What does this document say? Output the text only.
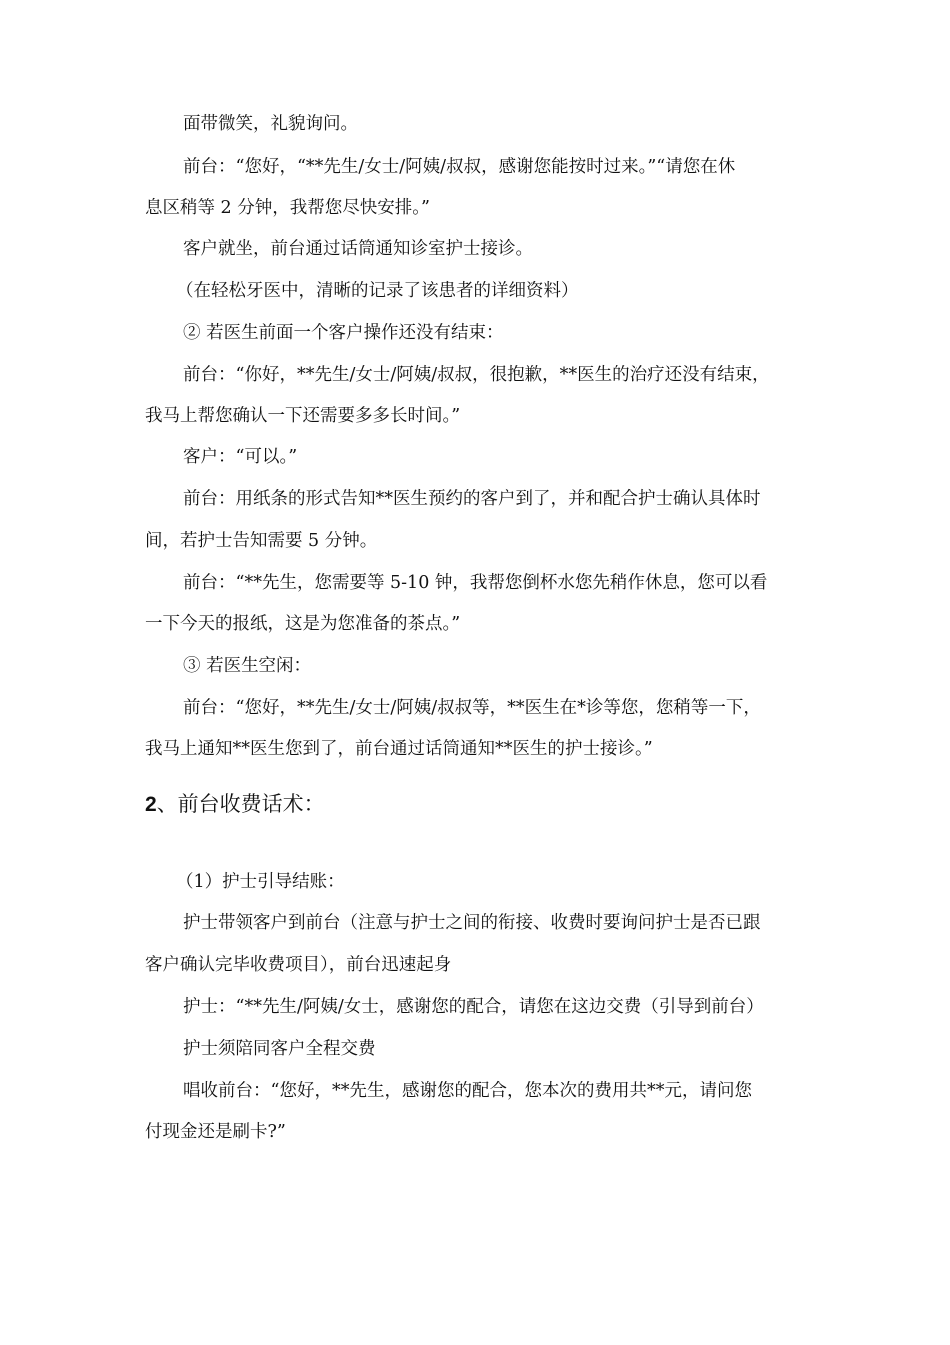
面带微笑，礼貌询问。
前台：“您好，“**先生/女士/阿姨/叔叔，感谢您能按时过来。”“请您在休
息区稍等 2 分钟，我帮您尽快安排。”
客户就坐，前台通过话筒通知诊室护士接诊。
（在轻松牙医中，清晰的记录了该患者的详细资料）
② 若医生前面一个客户操作还没有结束：
前台：“你好，**先生/女士/阿姨/叔叔，很抱歉，**医生的治疗还没有结束，
我马上帮您确认一下还需要多多长时间。”
客户：“可以。”
前台：用纸条的形式告知**医生预约的客户到了，并和配合护士确认具体时
间，若护士告知需要 5 分钟。
前台：“**先生，您需要等 5-10 钟，我帮您倒杯水您先稍作休息，您可以看
一下今天的报纸，这是为您准备的茶点。”
③ 若医生空闲：
前台：“您好，**先生/女士/阿姨/叔叔等，**医生在*诊等您，您稍等一下，
我马上通知**医生您到了，前台通过话筒通知**医生的护士接诊。”
2、前台收费话术：
（1）护士引导结账：
护士带领客户到前台（注意与护士之间的衔接、收费时要询问护士是否已跟
客户确认完毕收费项目），前台迅速起身
护士：“**先生/阿姨/女士，感谢您的配合，请您在这边交费（引导到前台）
护士须陪同客户全程交费
唱收前台：“您好，**先生，感谢您的配合，您本次的费用共**元，请问您
付现金还是刷卡?”
